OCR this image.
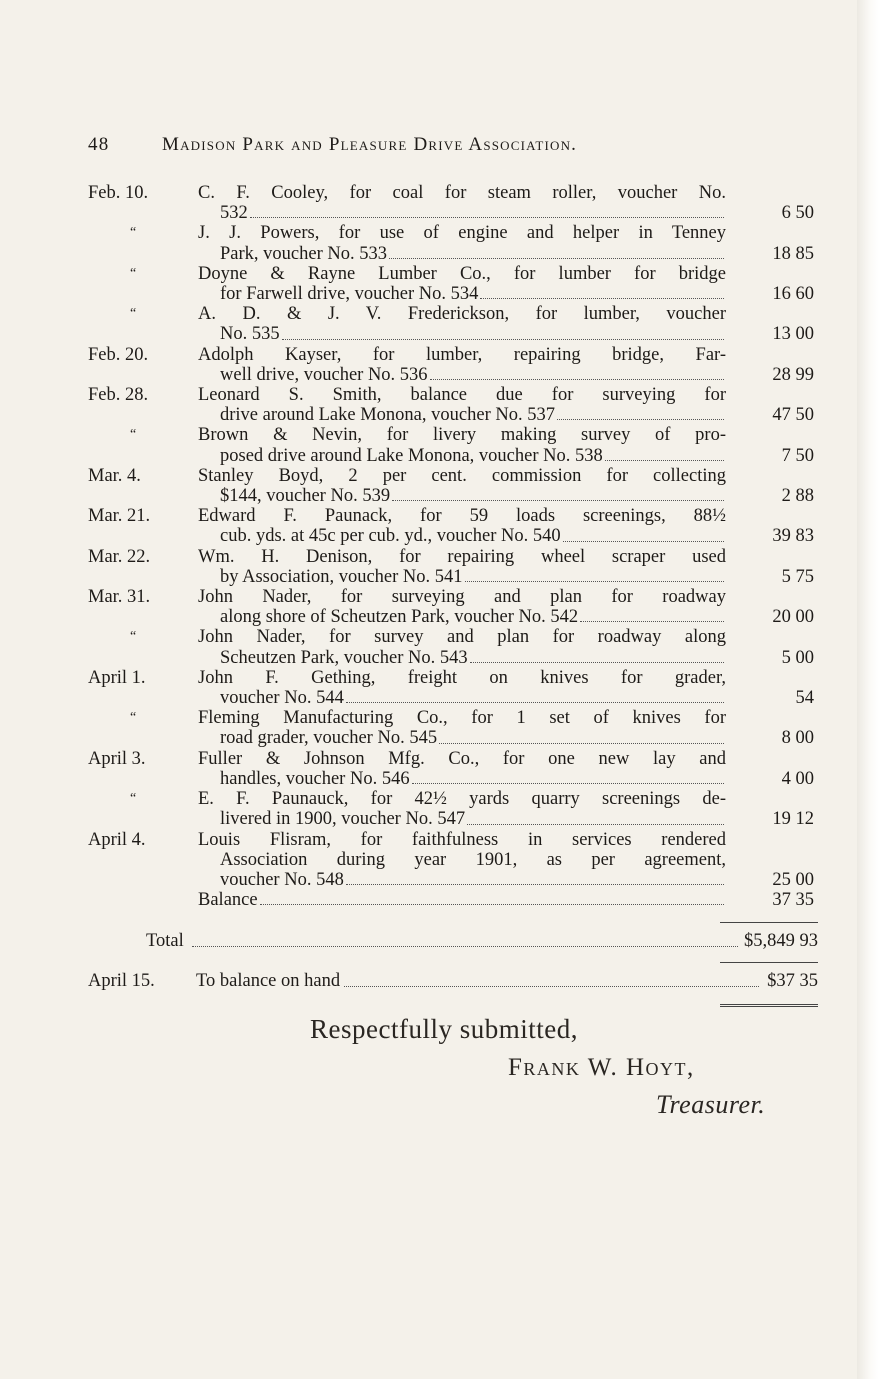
48	Madison Park and Pleasure Drive Association.
Feb. 10.	C. F. Cooley, for coal for steam roller, voucher No.
532	6 50
“	J. J. Powers, for use of engine and helper in Tenney
Park, voucher No. 533	18 85
“	Doyne & Rayne Lumber Co., for lumber for bridge
for Farwell drive, voucher No. 534	16 60
“	A. D. & J. V. Frederickson, for lumber, voucher
No. 535	13 00
Feb. 20.	Adolph Kayser, for lumber, repairing bridge, Far-
well drive, voucher No. 536	28 99
Feb. 28.	Leonard S. Smith, balance due for surveying for
drive around Lake Monona, voucher No. 537	47 50
“	Brown & Nevin, for livery making survey of pro-
posed drive around Lake Monona, voucher No. 538	7 50
Mar. 4.	Stanley Boyd, 2 per cent. commission for collecting
$144, voucher No. 539	2 88
Mar. 21.	Edward F. Paunack, for 59 loads screenings, 88½
cub. yds. at 45c per cub. yd., voucher No. 540	39 83
Mar. 22.	Wm. H. Denison, for repairing wheel scraper used
by Association, voucher No. 541	5 75
Mar. 31.	John Nader, for surveying and plan for roadway
along shore of Scheutzen Park, voucher No. 542	20 00
“	John Nader, for survey and plan for roadway along
Scheutzen Park, voucher No. 543	5 00
April 1.	John F. Gething, freight on knives for grader,
voucher No. 544	54
“	Fleming Manufacturing Co., for 1 set of knives for
road grader, voucher No. 545	8 00
April 3.	Fuller & Johnson Mfg. Co., for one new lay and
handles, voucher No. 546	4 00
“	E. F. Paunauck, for 42½ yards quarry screenings de-
livered in 1900, voucher No. 547	19 12
April 4.	Louis Flisram, for faithfulness in services rendered
Association during year 1901, as per agreement,
voucher No. 548	25 00
Balance	37 35
Total	$5,849 93
April 15.	To balance on hand	$37 35
Respectfully submitted,
Frank W. Hoyt,
Treasurer.
